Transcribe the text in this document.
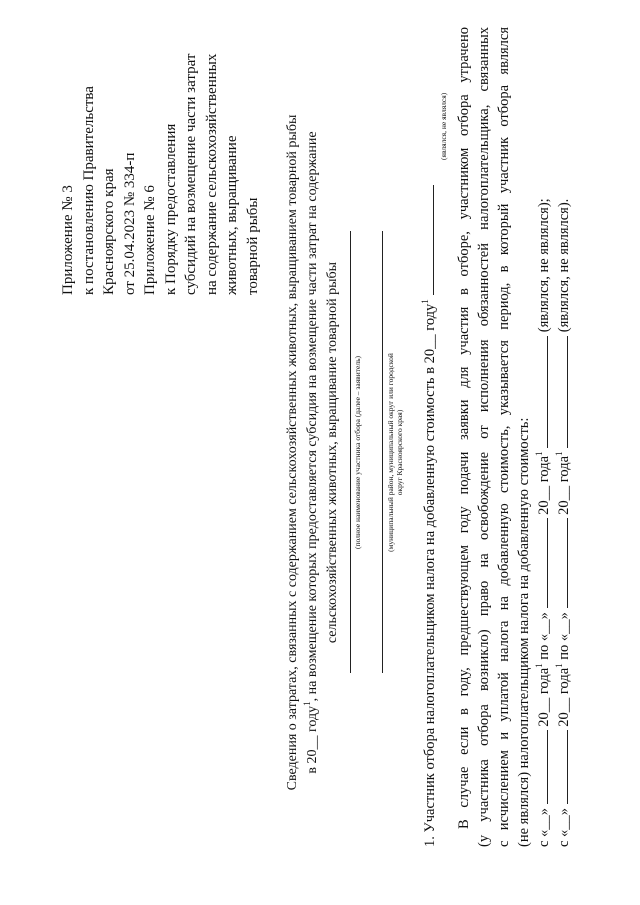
Приложение № 3 к постановлению Правительства Красноярского края от 25.04.2023 № 334-п Приложение № 6 к Порядку предоставления субсидий на возмещение части затрат на содержание сельскохозяйственных животных, выращивание товарной рыбы Сведения о затратах, связанных с содержанием сельскохозяйственных животных, выращиванием товарной рыбы в 20__ году$^1$, на возмещение которых предоставляется субсидия на возмещение части затрат на содержание сельскохозяйственных животных, выращивание товарной рыбы	(полное наименование участника отбора (далее – заявитель)	(муниципальный район, муниципальный округ или городской округ Красноярского края) 1. Участник отбора налогоплательщиком налога на добавленную стоимость в 20__ году$^1$
(являлся, не являлся) В случае если в году, предшествующем году подачи заявки для участия в отборе, участником отбора утрачено (у участника отбора возникло) право на освобождение от исполнения обязанностей налогоплательщика, связанных с исчислением и уплатой налога на добавленную стоимость, указывается период, в который участник отбора являлся (не являлся) налогоплательщиком налога на добавленную стоимость: с «__»  20__ года$^1$ по «__»  20__ года$^1$  (являлся, не являлся);
с «__»  20__ года$^1$ по «__»  20__ года$^1$  (являлся, не являлся).
